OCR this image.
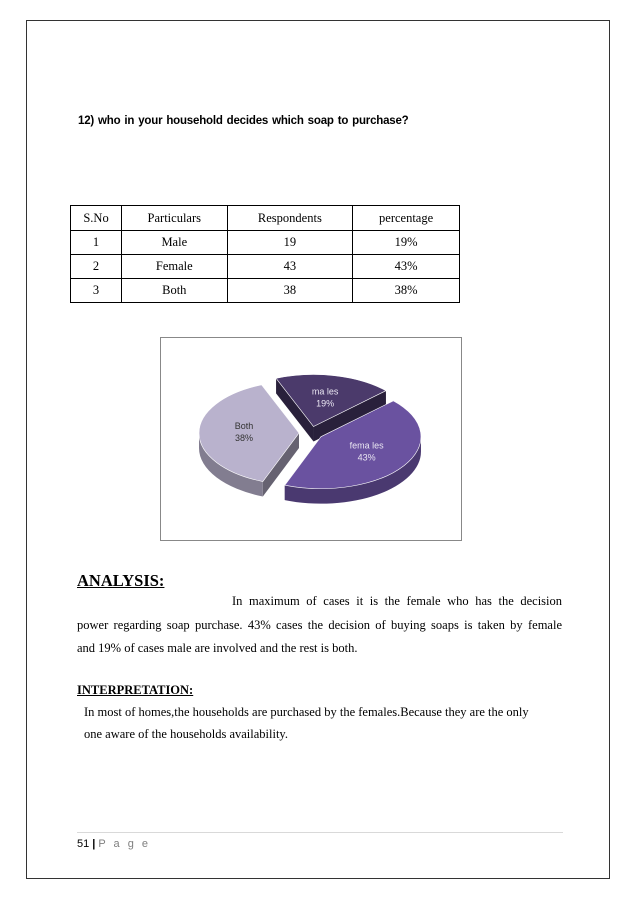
12) who in your household decides which soap to purchase?
S.No	Particulars	Respondents	percentage
1	Male	19	19%
2	Female	43	43%
3	Both	38	38%
ma les
19%
fema les
43%
Both
38%
ANALYSIS:
In maximum of cases it is the female who has the decision
power regarding soap purchase. 43% cases the decision of buying soaps is taken by female
and 19% of cases male are involved and the rest is both.
INTERPRETATION:
In most of homes,the households are purchased by the females.Because they are the only
one aware of the households availability.
51 | P a g e
